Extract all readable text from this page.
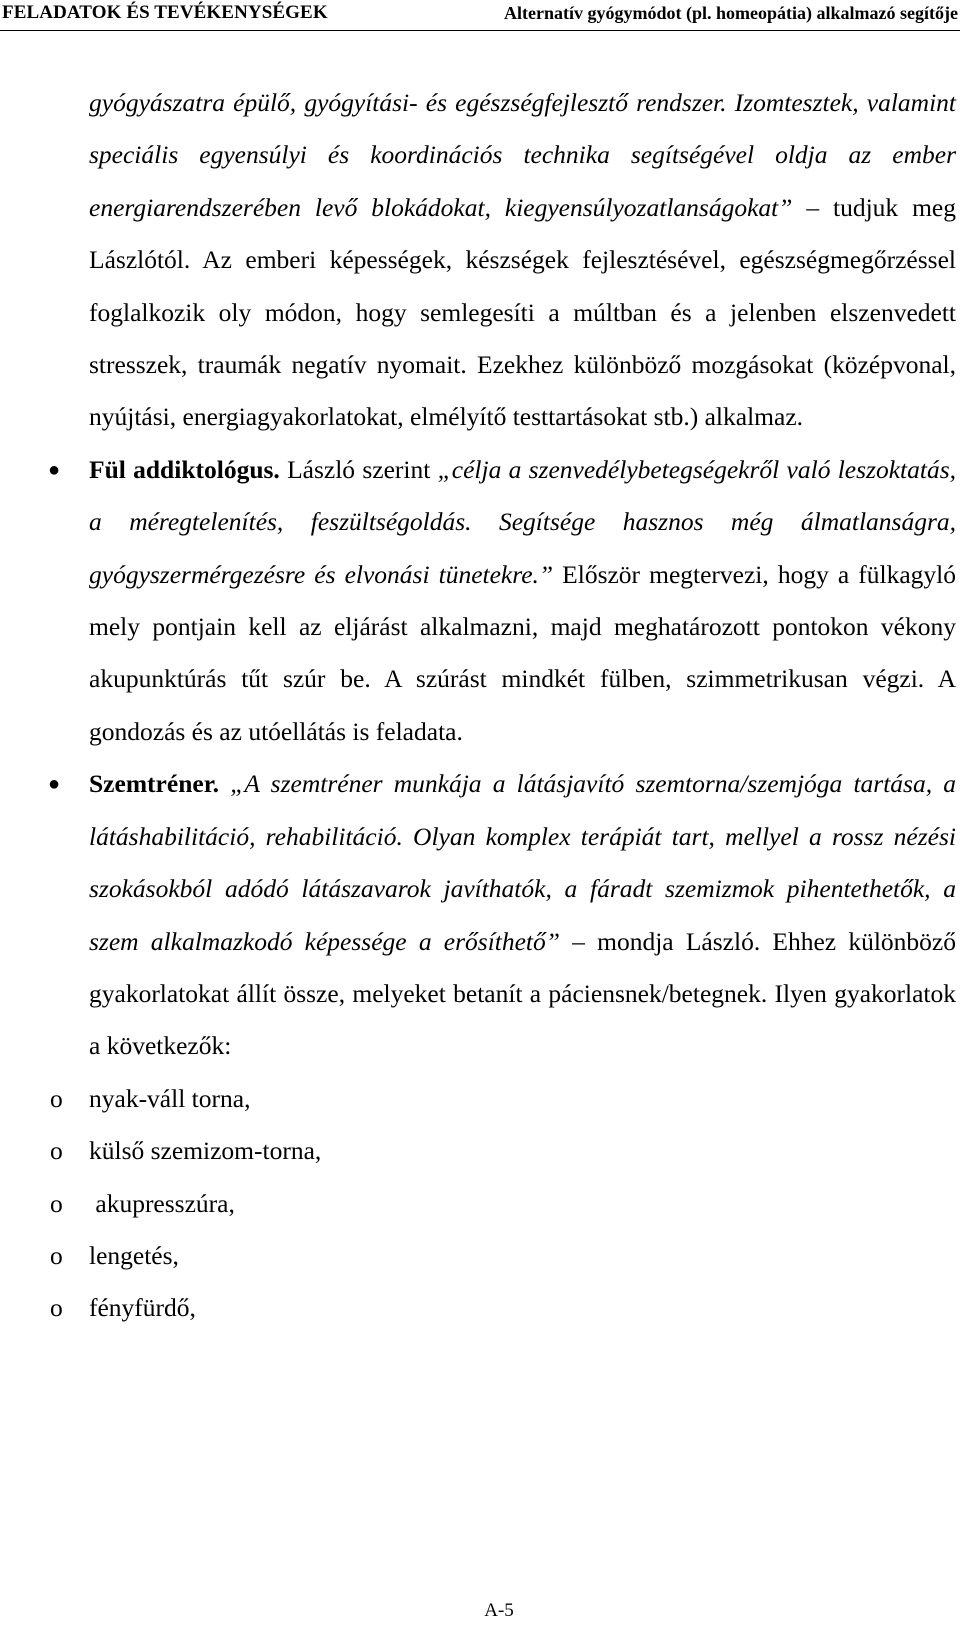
FELADATOK ÉS TEVÉKENYSÉGEK	Alternatív gyógymódot (pl. homeopátia) alkalmazó segítője

gyógyászatra épülő, gyógyítási- és egészségfejlesztő rendszer. Izomtesztek, valamint speciális egyensúlyi és koordinációs technika segítségével oldja az ember energiarendszerében levő blokádokat, kiegyensúlyozatlanságokat” – tudjuk meg Lászlótól. Az emberi képességek, készségek fejlesztésével, egészségmegőrzéssel foglalkozik oly módon, hogy semlegesíti a múltban és a jelenben elszenvedett stresszek, traumák negatív nyomait. Ezekhez különböző mozgásokat (középvonal, nyújtási, energiagyakorlatokat, elmélyítő testtartásokat stb.) alkalmaz.

● Fül addiktológus. László szerint „célja a szenvedélybetegségekről való leszoktatás, a méregtelenítés, feszültségoldás. Segítsége hasznos még álmatlanságra, gyógyszermérgezésre és elvonási tünetekre.” Először megtervezi, hogy a fülkagyló mely pontjain kell az eljárást alkalmazni, majd meghatározott pontokon vékony akupunktúrás tűt szúr be. A szúrást mindkét fülben, szimmetrikusan végzi. A gondozás és az utóellátás is feladata.

● Szemtréner. „A szemtréner munkája a látásjavító szemtorna/szemjóga tartása, a látáshabilitáció, rehabilitáció. Olyan komplex terápiát tart, mellyel a rossz nézési szokásokból adódó látászavarok javíthatók, a fáradt szemizmok pihentethetők, a szem alkalmazkodó képessége a erősíthető” – mondja László. Ehhez különböző gyakorlatokat állít össze, melyeket betanít a páciensnek/betegnek. Ilyen gyakorlatok a következők:

o nyak-váll torna,

o külső szemizom-torna,

o akupresszúra,

o lengetés,

o fényfürdő,

A-5
